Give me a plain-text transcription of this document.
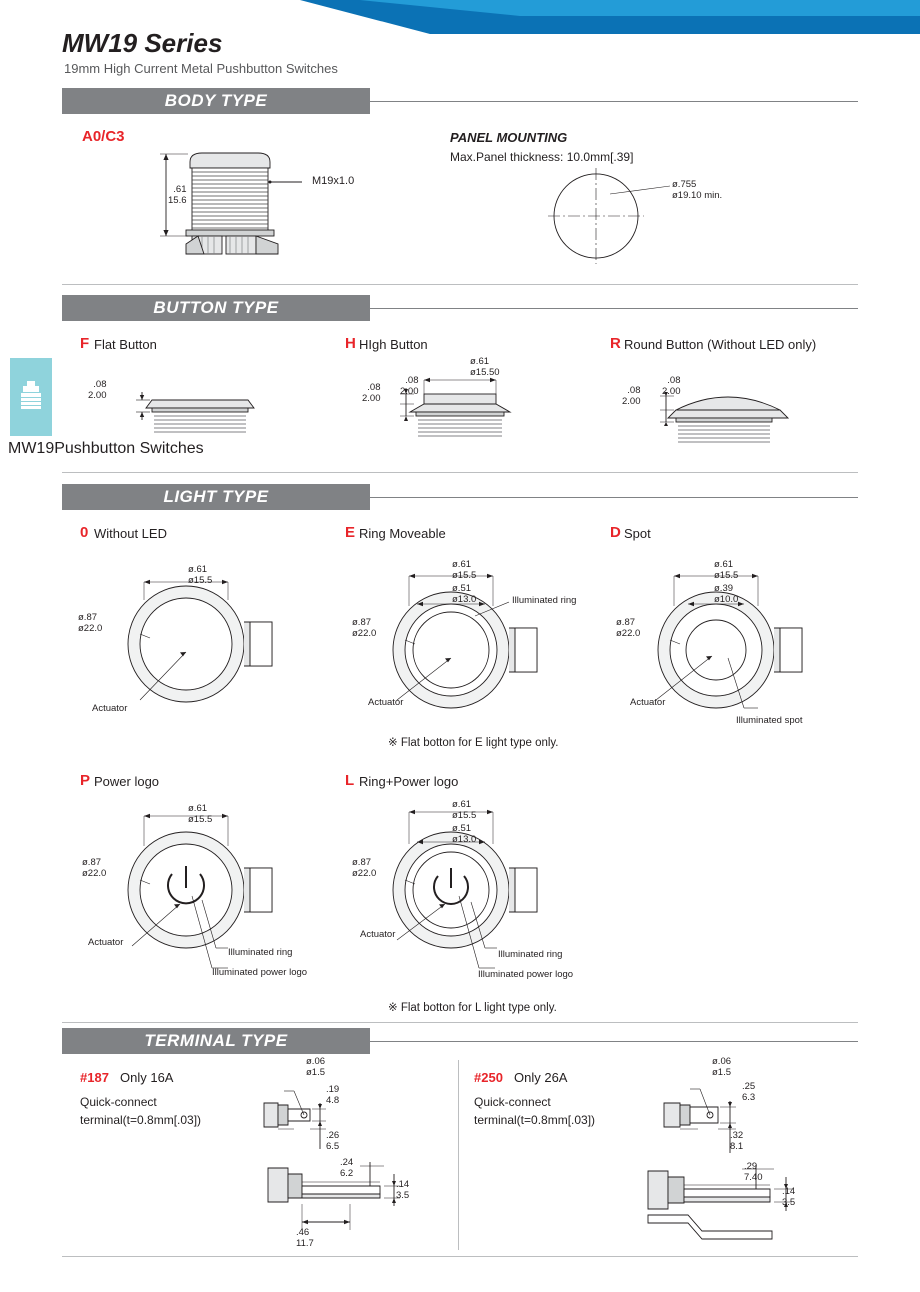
MW19 Series
19mm High Current Metal Pushbutton Switches
MW19 Pushbutton Switches
BODY TYPE
A0/C3
.61
15.6
M19x1.0
PANEL MOUNTING
Max.Panel thickness: 10.0mm[.39]
ø.755
ø19.10 min.
BUTTON TYPE
F Flat Button
.08
2.00
H HIgh Button
.08
2.00
.08
2.00
ø.61
ø15.50
R Round Button (Without LED only)
.08
2.00
.08
2.00
LIGHT TYPE
0 Without LED
ø.61
ø15.5
ø.87
ø22.0
Actuator
E Ring Moveable
ø.61
ø15.5
ø.51
ø13.0
ø.87
ø22.0
Illuminated ring
Actuator
D Spot
ø.61
ø15.5
ø.39
ø10.0
ø.87
ø22.0
Actuator
Illuminated spot
※ Flat botton for E light type only.
P Power logo
ø.61
ø15.5
ø.87
ø22.0
Actuator
Illuminated ring
Illuminated power logo
L Ring+Power logo
ø.61
ø15.5
ø.51
ø13.0
ø.87
ø22.0
Actuator
Illuminated ring
Illuminated power logo
※ Flat botton for L light type only.
TERMINAL TYPE
#187 Only 16A
Quick-connect
terminal(t=0.8mm[.03])
ø.06
ø1.5
.19
4.8
.26
6.5
.24
6.2
.14
3.5
.46
11.7
#250 Only 26A
Quick-connect
terminal(t=0.8mm[.03])
ø.06
ø1.5
.25
6.3
.32
8.1
.29
7.40
.14
3.5
